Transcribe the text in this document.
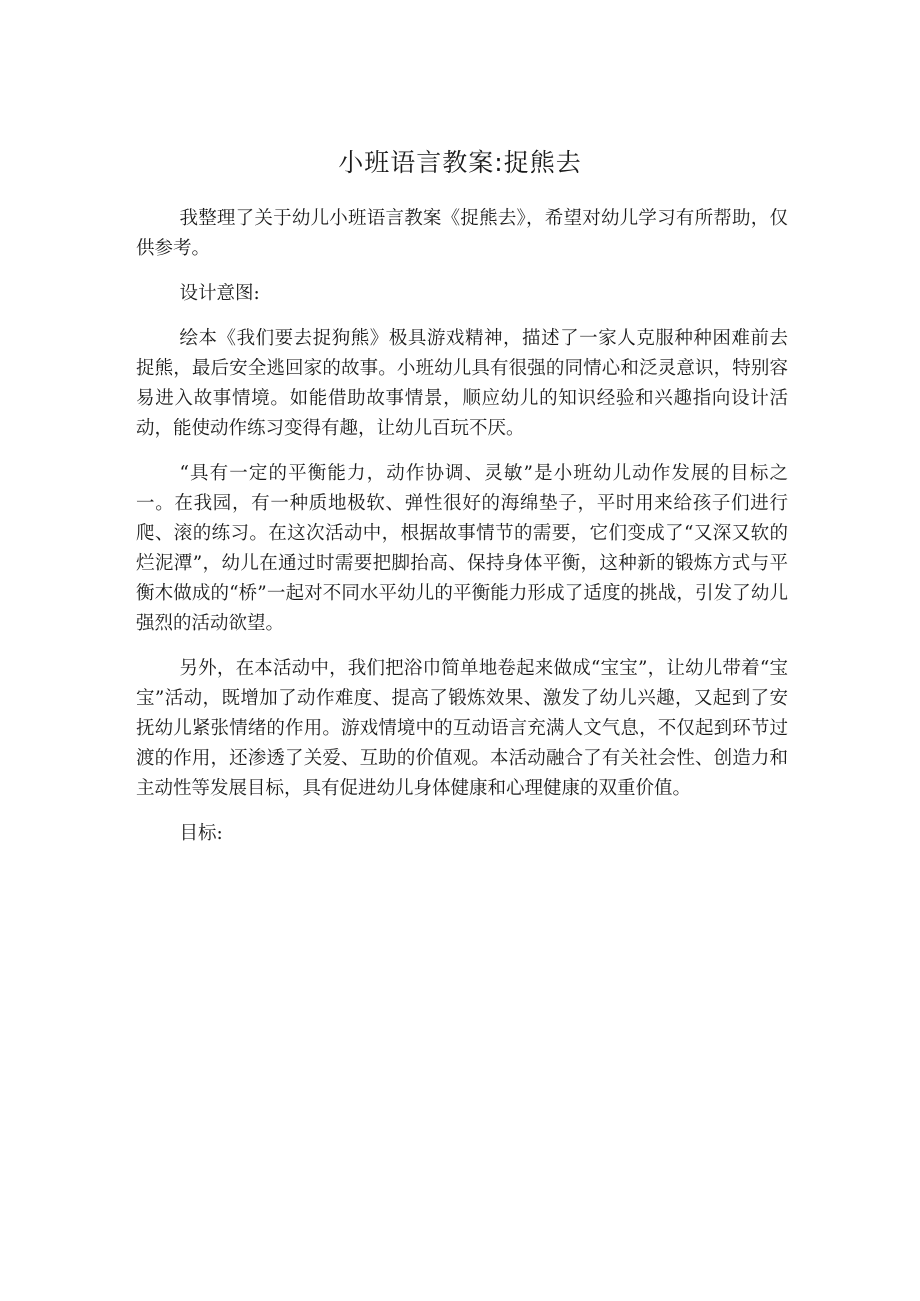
小班语言教案:捉熊去

我整理了关于幼儿小班语言教案《捉熊去》，希望对幼儿学习有所帮助，仅供参考。

设计意图:

绘本《我们要去捉狗熊》极具游戏精神，描述了一家人克服种种困难前去捉熊，最后安全逃回家的故事。小班幼儿具有很强的同情心和泛灵意识，特别容易进入故事情境。如能借助故事情景，顺应幼儿的知识经验和兴趣指向设计活动，能使动作练习变得有趣，让幼儿百玩不厌。

“具有一定的平衡能力，动作协调、灵敏”是小班幼儿动作发展的目标之一。在我园，有一种质地极软、弹性很好的海绵垫子，平时用来给孩子们进行爬、滚的练习。在这次活动中，根据故事情节的需要，它们变成了“又深又软的烂泥潭”，幼儿在通过时需要把脚抬高、保持身体平衡，这种新的锻炼方式与平衡木做成的“桥”一起对不同水平幼儿的平衡能力形成了适度的挑战，引发了幼儿强烈的活动欲望。

另外，在本活动中，我们把浴巾简单地卷起来做成“宝宝”，让幼儿带着“宝宝”活动，既增加了动作难度、提高了锻炼效果、激发了幼儿兴趣，又起到了安抚幼儿紧张情绪的作用。游戏情境中的互动语言充满人文气息，不仅起到环节过渡的作用，还渗透了关爱、互助的价值观。本活动融合了有关社会性、创造力和主动性等发展目标，具有促进幼儿身体健康和心理健康的双重价值。

目标:
